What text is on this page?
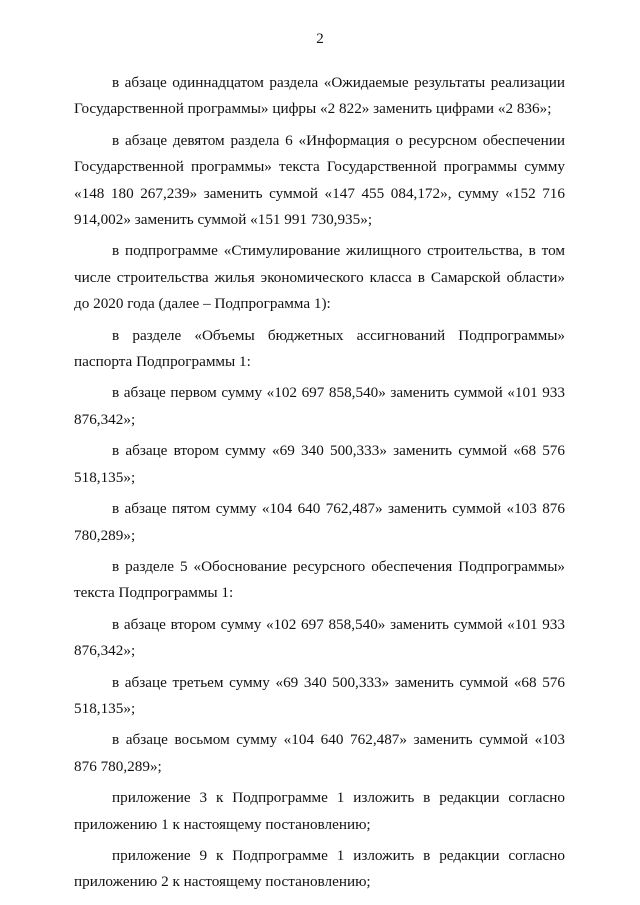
2

в абзаце одиннадцатом раздела «Ожидаемые результаты реализации Государственной программы» цифры «2 822» заменить цифрами «2 836»;

в абзаце девятом раздела 6 «Информация о ресурсном обеспечении Государственной программы» текста Государственной программы сумму «148 180 267,239» заменить суммой «147 455 084,172», сумму «152 716 914,002» заменить суммой «151 991 730,935»;

в подпрограмме «Стимулирование жилищного строительства, в том числе строительства жилья экономического класса в Самарской области» до 2020 года (далее – Подпрограмма 1):

в разделе «Объемы бюджетных ассигнований Подпрограммы» паспорта Подпрограммы 1:

в абзаце первом сумму «102 697 858,540» заменить суммой «101 933 876,342»;

в абзаце втором сумму «69 340 500,333» заменить суммой «68 576 518,135»;

в абзаце пятом сумму «104 640 762,487» заменить суммой «103 876 780,289»;

в разделе 5 «Обоснование ресурсного обеспечения Подпрограммы» текста Подпрограммы 1:

в абзаце втором сумму «102 697 858,540» заменить суммой «101 933 876,342»;

в абзаце третьем сумму «69 340 500,333» заменить суммой «68 576 518,135»;

в абзаце восьмом сумму «104 640 762,487» заменить суммой «103 876 780,289»;

приложение 3 к Подпрограмме 1 изложить в редакции согласно приложению 1 к настоящему постановлению;

приложение 9 к Подпрограмме 1 изложить в редакции согласно приложению 2 к настоящему постановлению;
